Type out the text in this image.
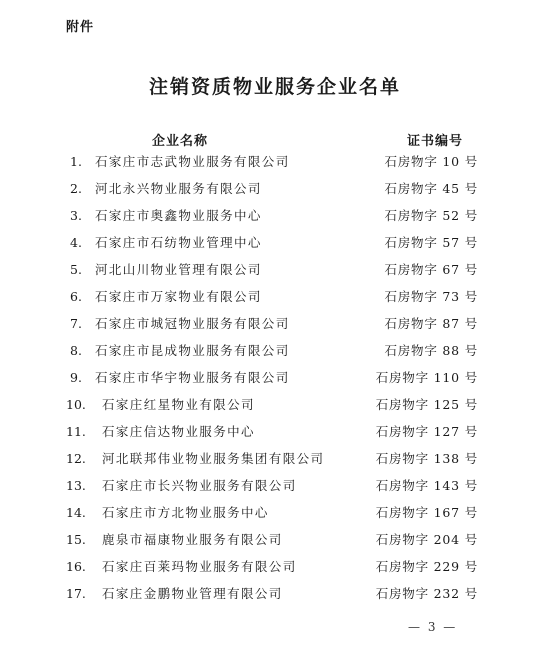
附件
注销资质物业服务企业名单
企业名称	证书编号
1.	石家庄市志武物业服务有限公司	石房物字 10 号
2.	河北永兴物业服务有限公司	石房物字 45 号
3.	石家庄市奥鑫物业服务中心	石房物字 52 号
4.	石家庄市石纺物业管理中心	石房物字 57 号
5.	河北山川物业管理有限公司	石房物字 67 号
6.	石家庄市万家物业有限公司	石房物字 73 号
7.	石家庄市城冠物业服务有限公司	石房物字 87 号
8.	石家庄市昆成物业服务有限公司	石房物字 88 号
9.	石家庄市华宇物业服务有限公司	石房物字 110 号
10.	石家庄红星物业有限公司	石房物字 125 号
11.	石家庄信达物业服务中心	石房物字 127 号
12.	河北联邦伟业物业服务集团有限公司	石房物字 138 号
13.	石家庄市长兴物业服务有限公司	石房物字 143 号
14.	石家庄市方北物业服务中心	石房物字 167 号
15.	鹿泉市福康物业服务有限公司	石房物字 204 号
16.	石家庄百莱玛物业服务有限公司	石房物字 229 号
17.	石家庄金鹏物业管理有限公司	石房物字 232 号
— 3 —
